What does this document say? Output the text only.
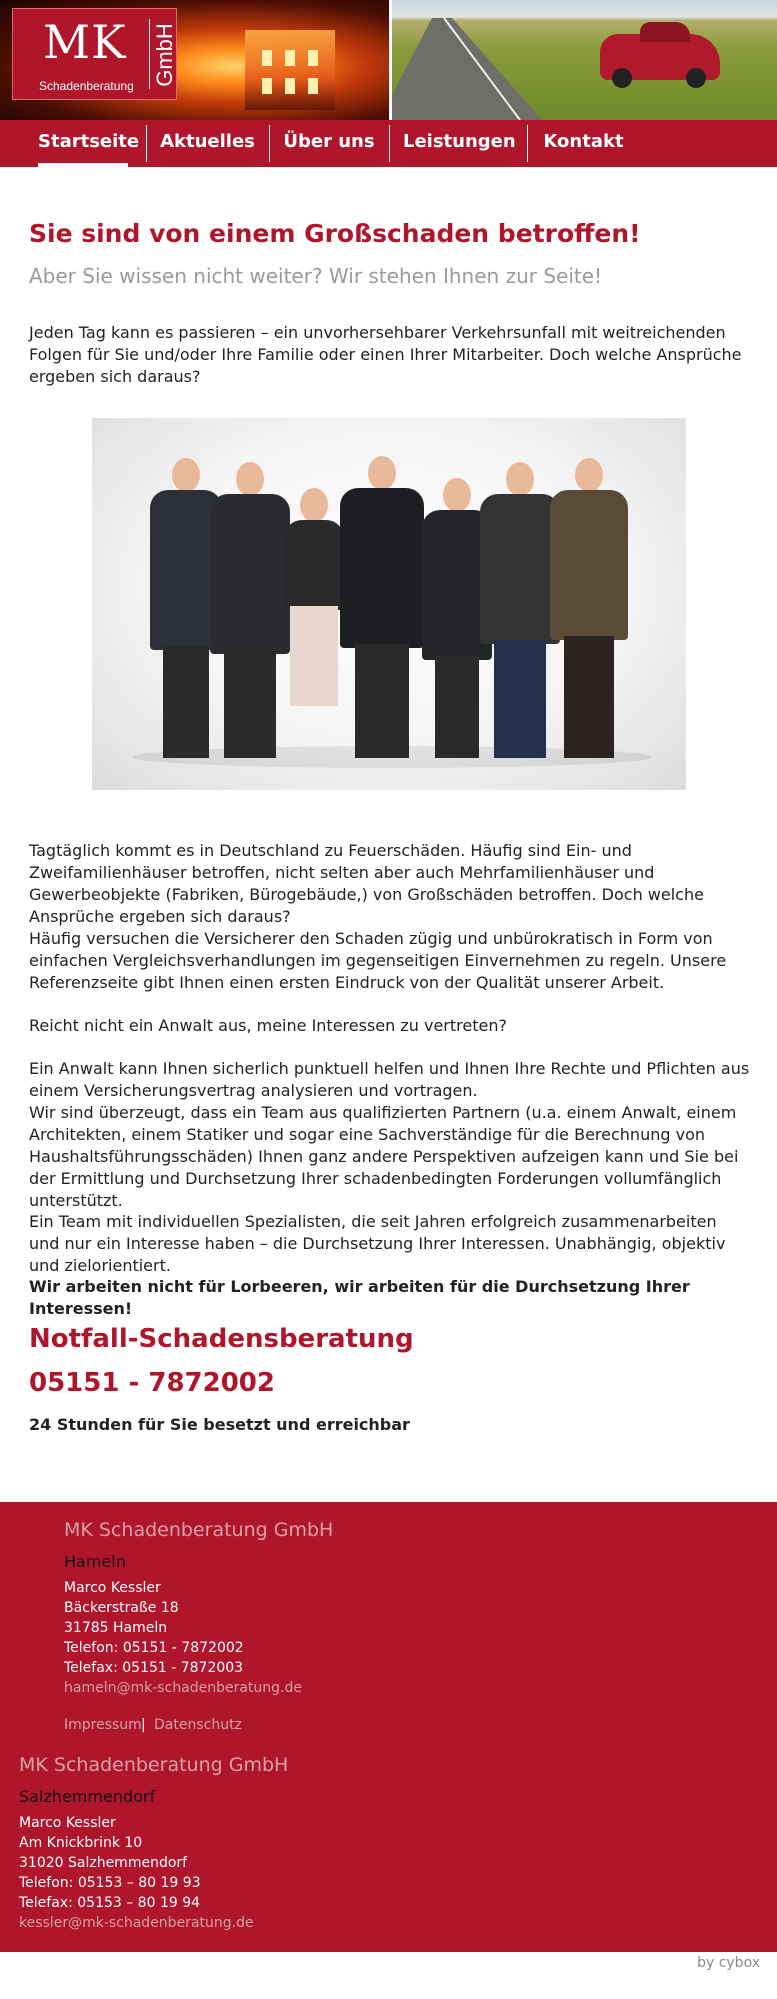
MK
Schadenberatung GmbH
Startseite Aktuelles Über uns Leistungen Kontakt
Sie sind von einem Großschaden betroffen!
Aber Sie wissen nicht weiter? Wir stehen Ihnen zur Seite!
Jeden Tag kann es passieren – ein unvorhersehbarer Verkehrsunfall mit weitreichenden Folgen für Sie und/oder Ihre Familie oder einen Ihrer Mitarbeiter. Doch welche Ansprüche ergeben sich daraus?
Tagtäglich kommt es in Deutschland zu Feuerschäden. Häufig sind Ein- und Zweifamilienhäuser betroffen, nicht selten aber auch Mehrfamilienhäuser und Gewerbeobjekte (Fabriken, Bürogebäude,) von Großschäden betroffen. Doch welche Ansprüche ergeben sich daraus?
Häufig versuchen die Versicherer den Schaden zügig und unbürokratisch in Form von einfachen Vergleichsverhandlungen im gegenseitigen Einvernehmen zu regeln. Unsere Referenzseite gibt Ihnen einen ersten Eindruck von der Qualität unserer Arbeit.
Reicht nicht ein Anwalt aus, meine Interessen zu vertreten?
Ein Anwalt kann Ihnen sicherlich punktuell helfen und Ihnen Ihre Rechte und Pflichten aus einem Versicherungsvertrag analysieren und vortragen.
Wir sind überzeugt, dass ein Team aus qualifizierten Partnern (u.a. einem Anwalt, einem Architekten, einem Statiker und sogar eine Sachverständige für die Berechnung von Haushaltsführungsschäden) Ihnen ganz andere Perspektiven aufzeigen kann und Sie bei der Ermittlung und Durchsetzung Ihrer schadenbedingten Forderungen vollumfänglich unterstützt.
Ein Team mit individuellen Spezialisten, die seit Jahren erfolgreich zusammenarbeiten und nur ein Interesse haben – die Durchsetzung Ihrer Interessen. Unabhängig, objektiv und zielorientiert.
Wir arbeiten nicht für Lorbeeren, wir arbeiten für die Durchsetzung Ihrer Interessen!
Notfall-Schadensberatung
05151 - 7872002
24 Stunden für Sie besetzt und erreichbar
MK Schadenberatung GmbH
Hameln
Marco Kessler
Bäckerstraße 18
31785 Hameln
Telefon: 05151 - 7872002
Telefax: 05151 - 7872003
hameln@mk-schadenberatung.de
Impressum | Datenschutz
MK Schadenberatung GmbH
Salzhemmendorf
Marco Kessler
Am Knickbrink 10
31020 Salzhemmendorf
Telefon: 05153 – 80 19 93
Telefax: 05153 – 80 19 94
kessler@mk-schadenberatung.de
by cybox
